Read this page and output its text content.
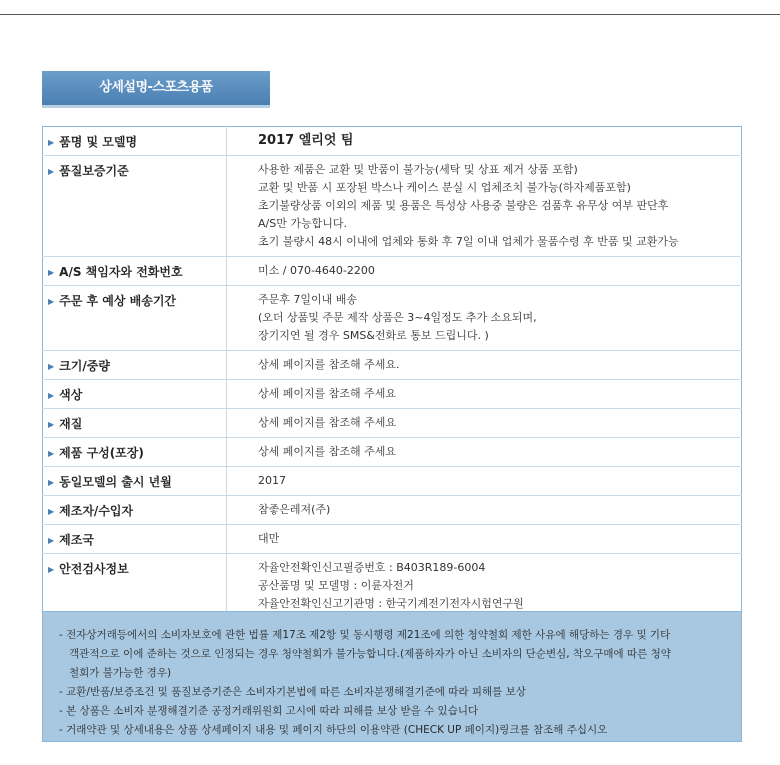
상세설명-스포츠용품
▶ 품명 및 모델명	2017 엘리엇 팀

▶ 품질보증기준	사용한 제품은 교환 및 반품이 불가능(세탁 및 상표 제거 상품 포함)
교환 및 반품 시 포장된 박스나 케이스 분실 시 업체조치 불가능(하자제품포함)
초기불량상품 이외의 제품 및 용품은 특성상 사용중 불량은 검품후 유무상 여부 판단후
A/S만 가능합니다.
초기 불량시 48시 이내에 업체와 통화 후 7일 이내 업체가 물품수령 후 반품 및 교환가능

▶ A/S 책임자와 전화번호	미소 / 070-4640-2200

▶ 주문 후 예상 배송기간	주문후 7일이내 배송
(오더 상품및 주문 제작 상품은 3~4일정도 추가 소요되며,
장기지연 될 경우 SMS&전화로 통보 드립니다. )

▶ 크기/중량	상세 페이지를 참조해 주세요.

▶ 색상	상세 페이지를 참조해 주세요

▶ 재질	상세 페이지를 참조해 주세요

▶ 제품 구성(포장)	상세 페이지를 참조해 주세요

▶ 동일모델의 출시 년월	2017

▶ 제조자/수입자	참좋은레져(주)

▶ 제조국	대만

▶ 안전검사정보	자율안전확인신고필증번호 : B403R189-6004
공산품명 및 모델명 : 이륜자전거
자율안전확인신고기관명 : 한국기계전기전자시험연구원
- 전자상거래등에서의 소비자보호에 관한 법률 제17조 제2항 및 동시행령 제21조에 의한 청약철회 제한 사유에 해당하는 경우 및 기타
객관적으로 이에 준하는 것으로 인정되는 경우 청약철회가 불가능합니다.(제품하자가 아닌 소비자의 단순변심, 착오구매에 따른 청약
철회가 불가능한 경우)
- 교환/반품/보증조건 및 품질보증기준은 소비자기본법에 따른 소비자분쟁해결기준에 따라 피해를 보상
- 본 상품은 소비자 분쟁해결기준 공정거래위원회 고시에 따라 피해를 보상 받을 수 있습니다
- 거래약관 및 상세내용은 상품 상세페이지 내용 및 페이지 하단의 이용약관 (CHECK UP 페이지)링크를 참조해 주십시오
